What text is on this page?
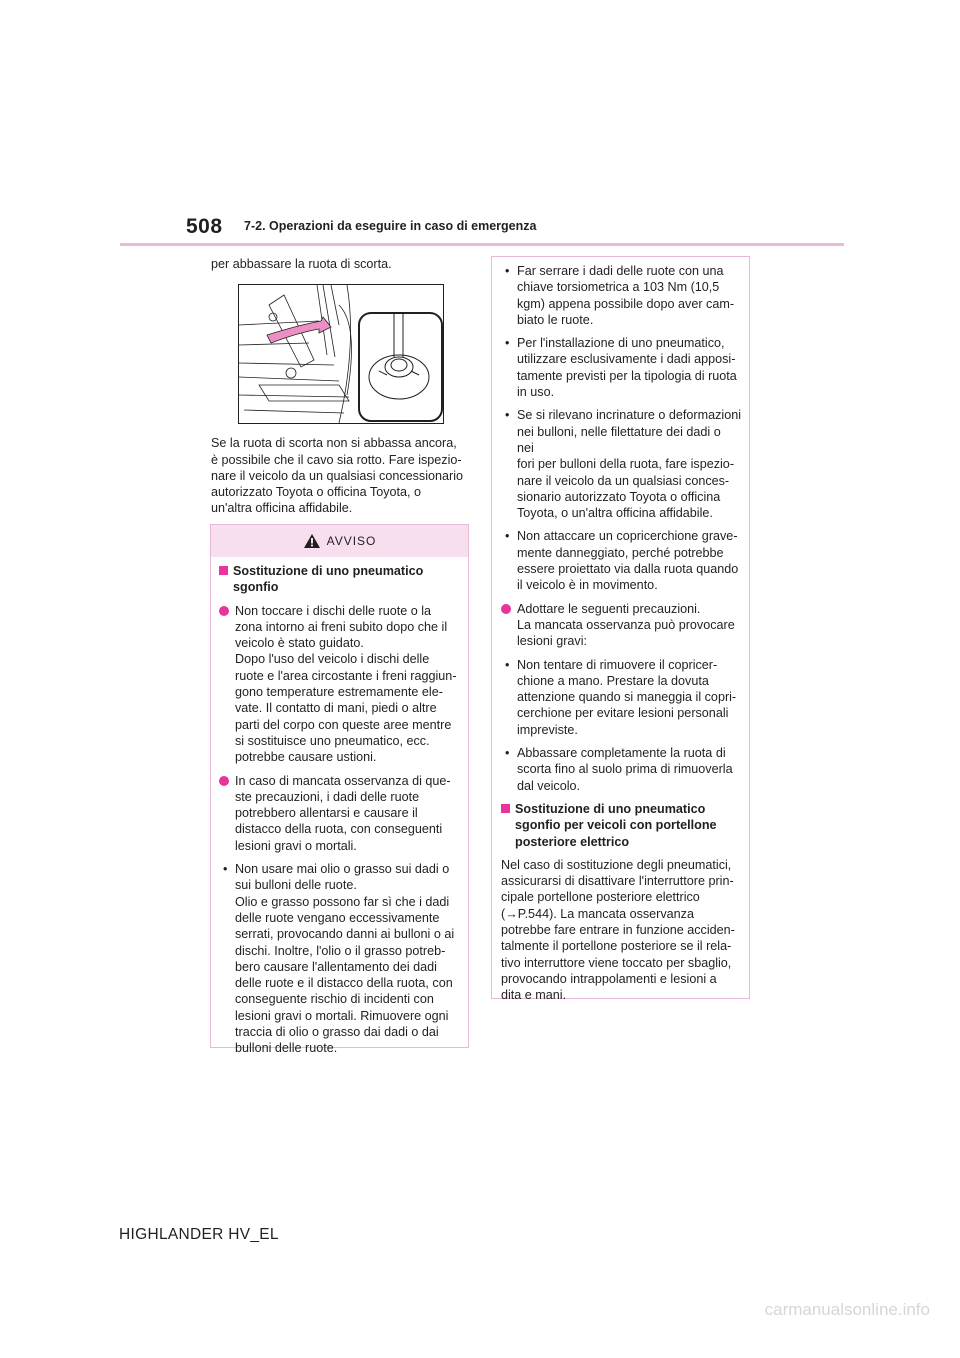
508 7-2. Operazioni da eseguire in caso di emergenza

per abbassare la ruota di scorta.

Se la ruota di scorta non si abbassa ancora,
è possibile che il cavo sia rotto. Fare ispezio-
nare il veicolo da un qualsiasi concessionario
autorizzato Toyota o officina Toyota, o
un'altra officina affidabile.
AVVISO
Sostituzione di uno pneumatico
sgonfio
Non toccare i dischi delle ruote o la
zona intorno ai freni subito dopo che il
veicolo è stato guidato.
Dopo l'uso del veicolo i dischi delle
ruote e l'area circostante i freni raggiun-
gono temperature estremamente ele-
vate. Il contatto di mani, piedi o altre
parti del corpo con queste aree mentre
si sostituisce uno pneumatico, ecc.
potrebbe causare ustioni.
In caso di mancata osservanza di que-
ste precauzioni, i dadi delle ruote
potrebbero allentarsi e causare il
distacco della ruota, con conseguenti
lesioni gravi o mortali.
• Non usare mai olio o grasso sui dadi o
sui bulloni delle ruote.
Olio e grasso possono far sì che i dadi
delle ruote vengano eccessivamente
serrati, provocando danni ai bulloni o ai
dischi. Inoltre, l'olio o il grasso potreb-
bero causare l'allentamento dei dadi
delle ruote e il distacco della ruota, con
conseguente rischio di incidenti con
lesioni gravi o mortali. Rimuovere ogni
traccia di olio o grasso dai dadi o dai
bulloni delle ruote.
• Far serrare i dadi delle ruote con una
chiave torsiometrica a 103 Nm (10,5
kgm) appena possibile dopo aver cam-
biato le ruote.
• Per l'installazione di uno pneumatico,
utilizzare esclusivamente i dadi apposi-
tamente previsti per la tipologia di ruota
in uso.
• Se si rilevano incrinature o deformazioni
nei bulloni, nelle filettature dei dadi o nei
fori per bulloni della ruota, fare ispezio-
nare il veicolo da un qualsiasi conces-
sionario autorizzato Toyota o officina
Toyota, o un'altra officina affidabile.
• Non attaccare un copricerchione grave-
mente danneggiato, perché potrebbe
essere proiettato via dalla ruota quando
il veicolo è in movimento.
Adottare le seguenti precauzioni.
La mancata osservanza può provocare
lesioni gravi:
• Non tentare di rimuovere il copricer-
chione a mano. Prestare la dovuta
attenzione quando si maneggia il copri-
cerchione per evitare lesioni personali
impreviste.
• Abbassare completamente la ruota di
scorta fino al suolo prima di rimuoverla
dal veicolo.
Sostituzione di uno pneumatico
sgonfio per veicoli con portellone
posteriore elettrico
Nel caso di sostituzione degli pneumatici,
assicurarsi di disattivare l'interruttore prin-
cipale portellone posteriore elettrico
(→P.544). La mancata osservanza
potrebbe fare entrare in funzione acciden-
talmente il portellone posteriore se il rela-
tivo interruttore viene toccato per sbaglio,
provocando intrappolamenti e lesioni a
dita e mani.
HIGHLANDER HV_EL
carmanualsonline.info
